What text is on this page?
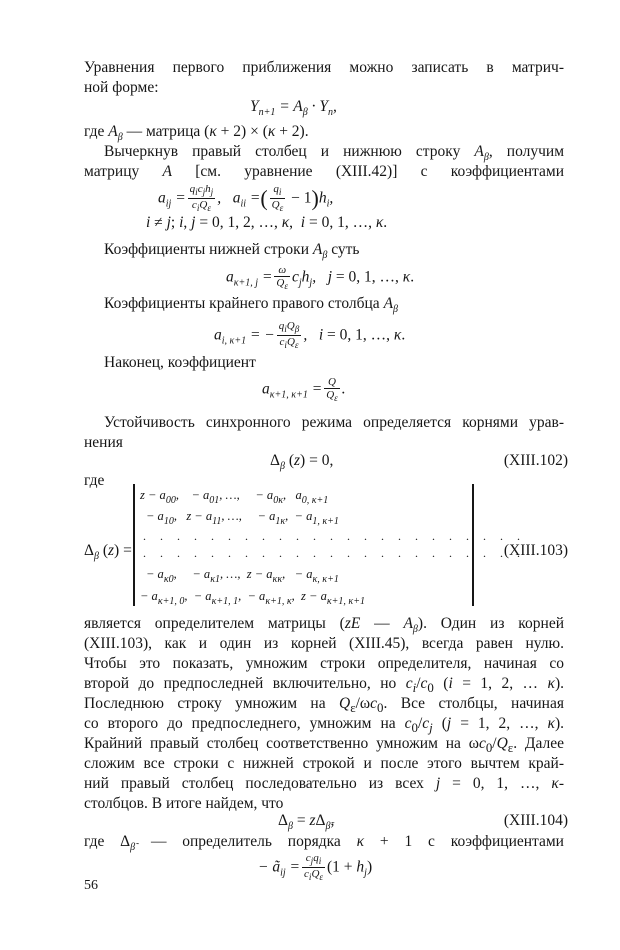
Уравнения первого приближения можно записать в матрич-
ной форме:
$Y_{n+1} = A_\beta \cdot Y_n$,
где $A_\beta$ — матрица (κ + 2) × (κ + 2).
Вычеркнув правый столбец и нижнюю строку $A_\beta$, получим
матрицу A [см. уравнение (XIII.42)] с коэффициентами
$a_{ij} = \frac{q_ic_jh_j}{c_iQ_\varepsilon}$ ,   $a_{ii}$ =( $\frac{q_i}{Q_\varepsilon} - 1)h_i$,
i ≠ j; i, j = 0, 1, 2, …, κ,  i = 0, 1, …, κ.
Коэффициенты нижней строки $A_\beta$ суть
$a_{\kappa+1, j} = \frac{\omega}{Q_\varepsilon} c_jh_j$,   j = 0, 1, …, κ.
Коэффициенты крайнего правого столбца $A_\beta$
$a_{i, \kappa+1}$ = − $\frac{q_iQ_\beta}{c_iQ_\varepsilon}$ ,   i = 0, 1, …, κ.
Наконец, коэффициент
$a_{\kappa+1, \kappa+1} = \frac{Q}{Q_\varepsilon}$ .
Устойчивость синхронного режима определяется корнями урав-
нения
$\Delta_\beta$ (z) = 0,	(XIII.102)
где
$\Delta_\beta$ (z) =
$z - a_{00}$,    − $a_{01}$, …,     − $a_{0\kappa}$,   $a_{0, \kappa+1}$
− $a_{10}$,   $z - a_{11}$, …,     − $a_{1\kappa}$,  − $a_{1, \kappa+1}$
. . . . . . . . . . . . . . . . . . . . . . .
. . . . . . . . . . . . . . . . . . . . . . .
− $a_{\kappa 0}$,     − $a_{\kappa 1}$, …,  $z - a_{\kappa\kappa}$,   − $a_{\kappa, \kappa+1}$
− $a_{\kappa+1, 0}$,  − $a_{\kappa+1, 1}$,  − $a_{\kappa+1, \kappa}$,  $z - a_{\kappa+1, \kappa+1}$
(XIII.103)
является определителем матрицы (zE — $A_\beta$). Один из корней
(XIII.103), как и один из корней (XIII.45), всегда равен нулю.
Чтобы это показать, умножим строки определителя, начиная со
второй до предпоследней включительно, но $c_i/c_0$ (i = 1, 2, … κ).
Последнюю строку умножим на $Q_\varepsilon/\omega c_0$. Все столбцы, начиная
со второго до предпоследнего, умножим на $c_0/c_j$ (j = 1, 2, …, κ).
Крайний правый столбец соответственно умножим на $\omega c_0/Q_\varepsilon$. Далее
сложим все строки с нижней строкой и после этого вычтем край-
ний правый столбец последовательно из всех j = 0, 1, …, κ-
столбцов. В итоге найдем, что
$\Delta_\beta = z\Delta_{\betã}$,	(XIII.104)
где $\Delta_{\betã}$ — определитель порядка κ + 1 с коэффициентами
− $ã_{ij} = \frac{c_jq_i}{c_iQ_\varepsilon} (1 + h_j)$
56
